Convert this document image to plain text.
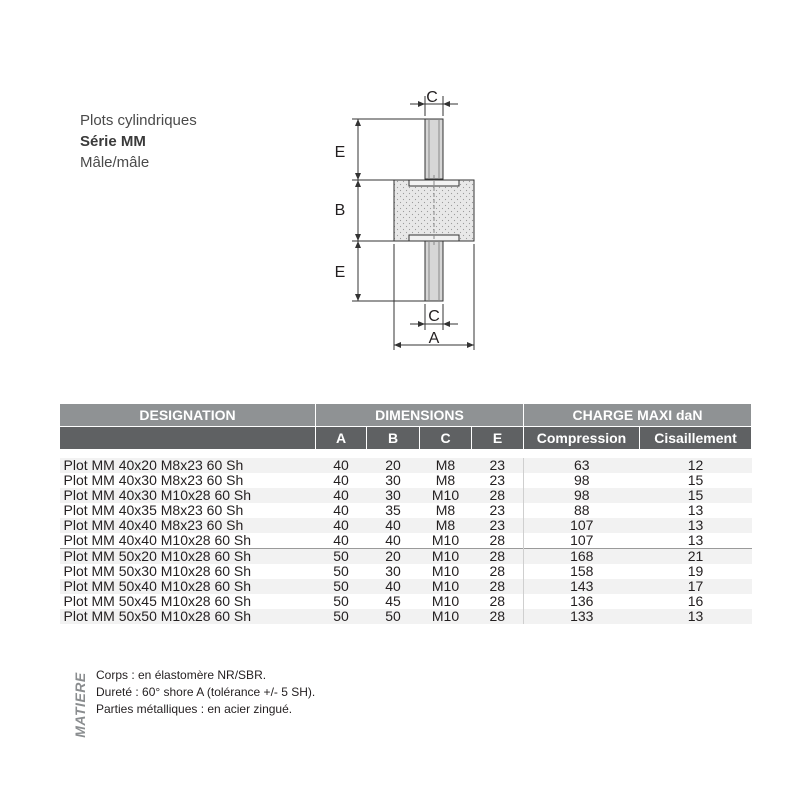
Plots cylindriques
Série MM
Mâle/mâle
C
E
B
E
C
A
DESIGNATION	DIMENSIONS				CHARGE MAXI daN	
	A	B	C	E	Compression	Cisaillement

Plot MM 40x20 M8x23 60 Sh	40	20	M8	23	63	12
Plot MM 40x30 M8x23 60 Sh	40	30	M8	23	98	15
Plot MM 40x30 M10x28 60 Sh	40	30	M10	28	98	15
Plot MM 40x35 M8x23 60 Sh	40	35	M8	23	88	13
Plot MM 40x40 M8x23 60 Sh	40	40	M8	23	107	13
Plot MM 40x40 M10x28 60 Sh	40	40	M10	28	107	13
Plot MM 50x20 M10x28 60 Sh	50	20	M10	28	168	21
Plot MM 50x30 M10x28 60 Sh	50	30	M10	28	158	19
Plot MM 50x40 M10x28 60 Sh	50	40	M10	28	143	17
Plot MM 50x45 M10x28 60 Sh	50	45	M10	28	136	16
Plot MM 50x50 M10x28 60 Sh	50	50	M10	28	133	13
MATIERE Corps : en élastomère NR/SBR.
Dureté : 60° shore A (tolérance +/- 5 SH).
Parties métalliques : en acier zingué.
